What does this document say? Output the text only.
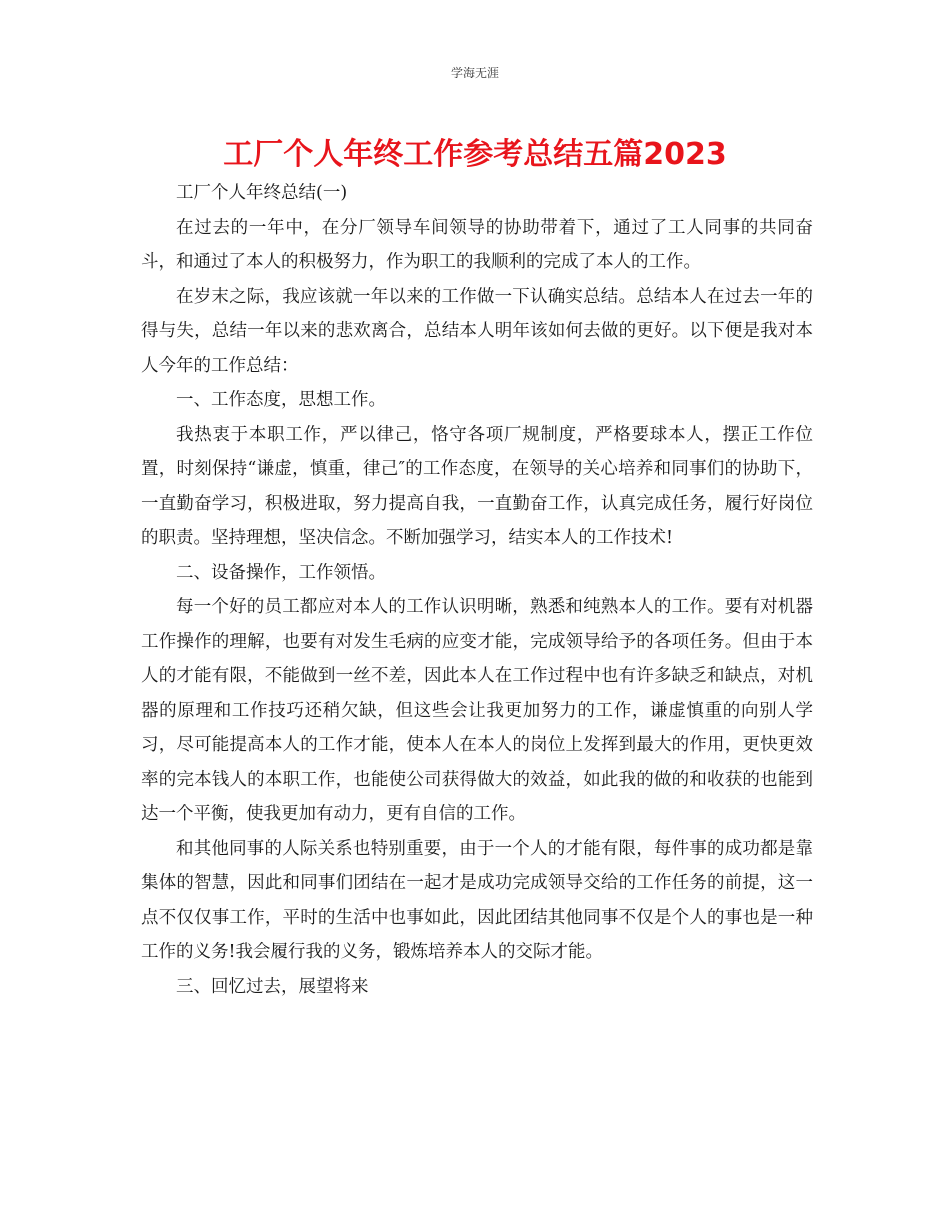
学海无涯
工厂个人年终工作参考总结五篇2023

工厂个人年终总结(一)

在过去的一年中，在分厂领导车间领导的协助带着下，通过了工人同事的共同奋斗，和通过了本人的积极努力，作为职工的我顺利的完成了本人的工作。

在岁末之际，我应该就一年以来的工作做一下认确实总结。总结本人在过去一年的得与失，总结一年以来的悲欢离合，总结本人明年该如何去做的更好。以下便是我对本人今年的工作总结：

一、工作态度，思想工作。

我热衷于本职工作，严以律己，恪守各项厂规制度，严格要球本人，摆正工作位置，时刻保持“谦虚，慎重，律己″的工作态度，在领导的关心培养和同事们的协助下，一直勤奋学习，积极进取，努力提高自我，一直勤奋工作，认真完成任务，履行好岗位的职责。坚持理想，坚决信念。不断加强学习，结实本人的工作技术!

二、设备操作，工作领悟。

每一个好的员工都应对本人的工作认识明晰，熟悉和纯熟本人的工作。要有对机器工作操作的理解，也要有对发生毛病的应变才能，完成领导给予的各项任务。但由于本人的才能有限，不能做到一丝不差，因此本人在工作过程中也有许多缺乏和缺点，对机器的原理和工作技巧还稍欠缺，但这些会让我更加努力的工作，谦虚慎重的向别人学习，尽可能提高本人的工作才能，使本人在本人的岗位上发挥到最大的作用，更快更效率的完本钱人的本职工作，也能使公司获得做大的效益，如此我的做的和收获的也能到达一个平衡，使我更加有动力，更有自信的工作。

和其他同事的人际关系也特别重要，由于一个人的才能有限，每件事的成功都是靠集体的智慧，因此和同事们团结在一起才是成功完成领导交给的工作任务的前提，这一点不仅仅事工作，平时的生活中也事如此，因此团结其他同事不仅是个人的事也是一种工作的义务!我会履行我的义务，锻炼培养本人的交际才能。

三、回忆过去，展望将来
